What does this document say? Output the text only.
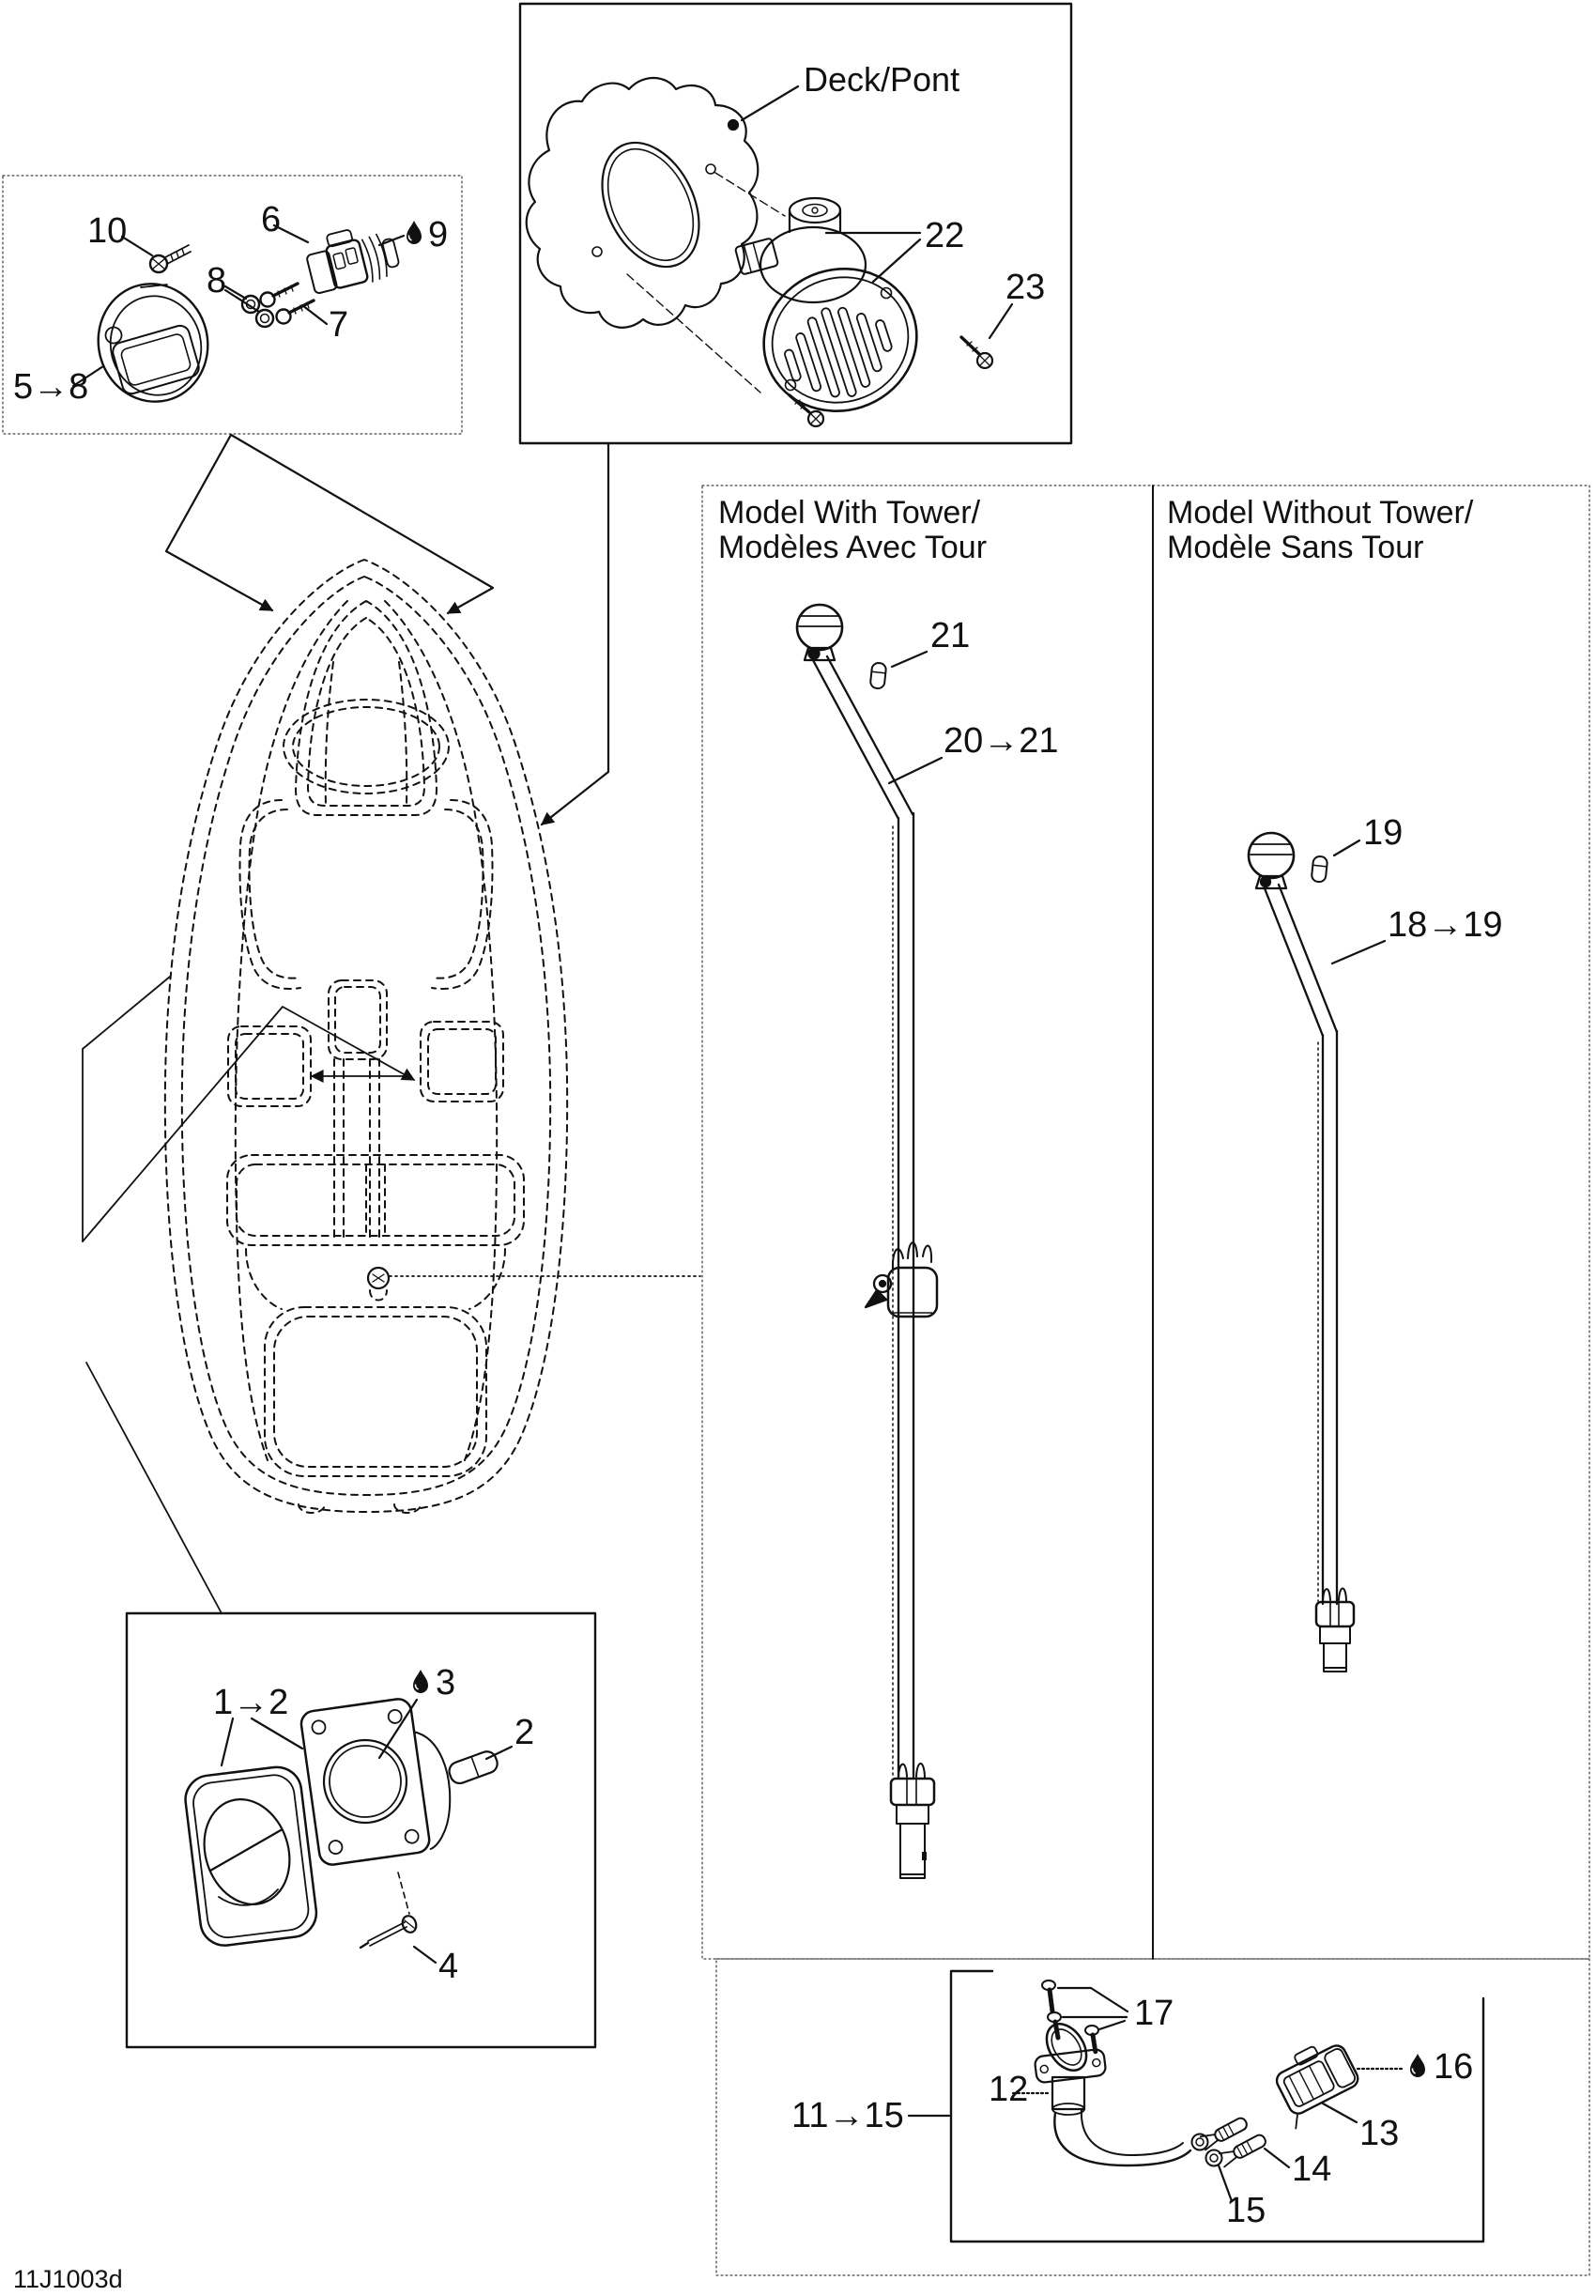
10	6	9
8
7
5→8
Deck/Pont
22
23
Model With Tower/
Modèles Avec Tour
21
20→21
Model Without Tower/
Modèle Sans Tour
19
18→19
1→2	3
2
4
17
12
11→15
16
13
14
15
11J1003d
